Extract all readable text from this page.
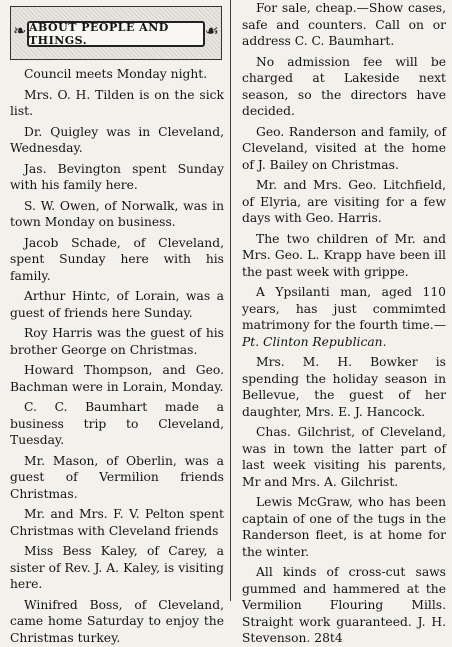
❧ ABOUT PEOPLE AND THINGS.
☙

Council meets Monday night.

Mrs. O. H. Tilden is on the sick list.

Dr. Quigley was in Cleveland, Wednesday.

Jas. Bevington spent Sunday with his family here.

S. W. Owen, of Norwalk, was in town Monday on business.

Jacob Schade, of Cleveland, spent Sunday here with his family.

Arthur Hintc, of Lorain, was a guest of friends here Sunday.

Roy Harris was the guest of his brother George on Christmas.

Howard Thompson, and Geo. Bachman were in Lorain, Monday.

C. C. Baumhart made a business trip to Cleveland, Tuesday.

Mr. Mason, of Oberlin, was a guest of Vermilion friends Christmas.

Mr. and Mrs. F. V. Pelton spent Christmas with Cleveland friends

Miss Bess Kaley, of Carey, a sister of Rev. J. A. Kaley, is visiting here.

Winifred Boss, of Cleveland, came home Saturday to enjoy the Christmas turkey.

For sale, cheap.—Show cases, safe and counters. Call on or address C. C. Baumhart.

No admission fee will be charged at Lakeside next season, so the directors have decided.

Geo. Randerson and family, of Cleveland, visited at the home of J. Bailey on Christmas.

Mr. and Mrs. Geo. Litchfield, of Elyria, are visiting for a few days with Geo. Harris.

The two children of Mr. and Mrs. Geo. L. Krapp have been ill the past week with grippe.

A Ypsilanti man, aged 110 years, has just commimted matrimony for the fourth time.—Pt. Clinton Republican.

Mrs. M. H. Bowker is spending the holiday season in Bellevue, the guest of her daughter, Mrs. E. J. Hancock.

Chas. Gilchrist, of Cleveland, was in town the latter part of last week visiting his parents, Mr and Mrs. A. Gilchrist.

Lewis McGraw, who has been captain of one of the tugs in the Randerson fleet, is at home for the winter.

All kinds of cross-cut saws gummed and hammered at the Vermilion Flouring Mills. Straight work guaranteed. J. H. Stevenson. 28t4
